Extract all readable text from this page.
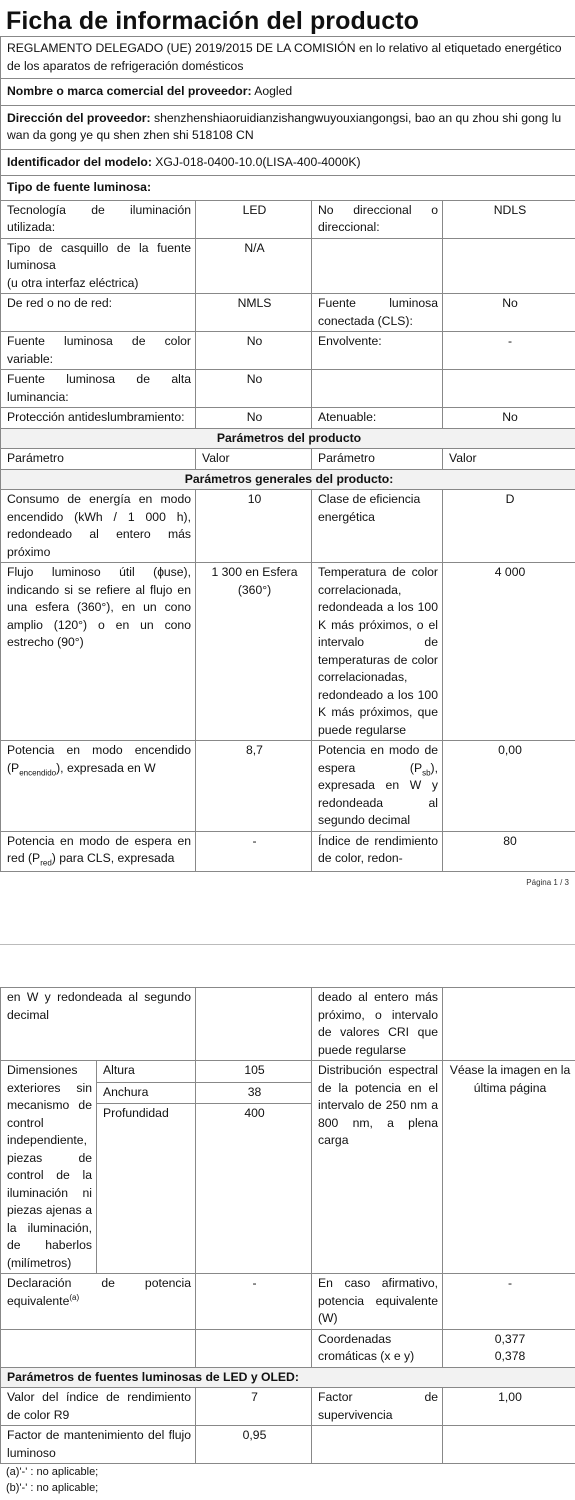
Ficha de información del producto
REGLAMENTO DELEGADO (UE) 2019/2015 DE LA COMISIÓN en lo relativo al etiquetado energético de los aparatos de refrigeración domésticos			
Nombre o marca comercial del proveedor: Aogled			
Dirección del proveedor: shenzhenshiaoruidianzishangwuyouxiangongsi, bao an qu zhou shi gong lu wan da gong ye qu shen zhen shi 518108 CN			
Identificador del modelo: XGJ-018-0400-10.0(LISA-400-4000K)			
Tipo de fuente luminosa:			
Tecnología de iluminación utilizada:	LED	No direccional o direccional:	NDLS

Tipo de casquillo de la fuente luminosa
(u otra interfaz eléctrica)	N/A		
De red o no de red:	NMLS	Fuente luminosa conectada (CLS):	No
Fuente luminosa de color variable:	No	Envolvente:	-
Fuente luminosa de alta luminancia:	No		
Protección antideslumbramiento:	No	Atenuable:	No
Parámetros del producto			
Parámetro	Valor	Parámetro	Valor
Parámetros generales del producto:			
Consumo de energía en modo encendido (kWh / 1 000 h), redondeado al entero más próximo	10	Clase de eficiencia energética	D
Flujo luminoso útil (ɸuse), indicando si se refiere al flujo en una esfera (360°), en un cono amplio (120°) o en un cono estrecho (90°)	1 300 en Esfera (360°)	Temperatura de color correlacionada, redondeada a los 100 K más próximos, o el intervalo de temperaturas de color correlacionadas, redondeado a los 100 K más próximos, que puede regularse	4 000
Potencia en modo encendido $(P_{encendido})$, expresada en W	8,7	Potencia en modo de espera $(P_{sb})$, expresada en W y redondeada al segundo decimal	0,00
Potencia en modo de espera en red $(P_{red})$ para CLS, expresada	-	Índice de rendimiento de color, redon-	80
Página 1 / 3
en W y redondeada al segundo decimal			deado al entero más próximo, o intervalo de valores CRI que puede regularse	
Dimensiones exteriores sin mecanismo de control independiente, piezas de control de la iluminación ni piezas ajenas a la iluminación, de haberlos (milímetros)	Altura	105	Distribución espectral de la potencia en el intervalo de 250 nm a 800 nm, a plena carga	Véase la imagen en la última página
	Anchura	38		
	Profundidad	400		
Declaración de potencia equivalente$^{(a)}$		-	En caso afirmativo, potencia equivalente (W)	-
			Coordenadas cromáticas (x e y)	0,377
0,378

Parámetros de fuentes luminosas de LED y OLED:				
Valor del índice de rendimiento de color R9		7	Factor de supervivencia	1,00
Factor de mantenimiento del flujo luminoso		0,95		
(a)'-' : no aplicable;
(b)'-' : no aplicable;
